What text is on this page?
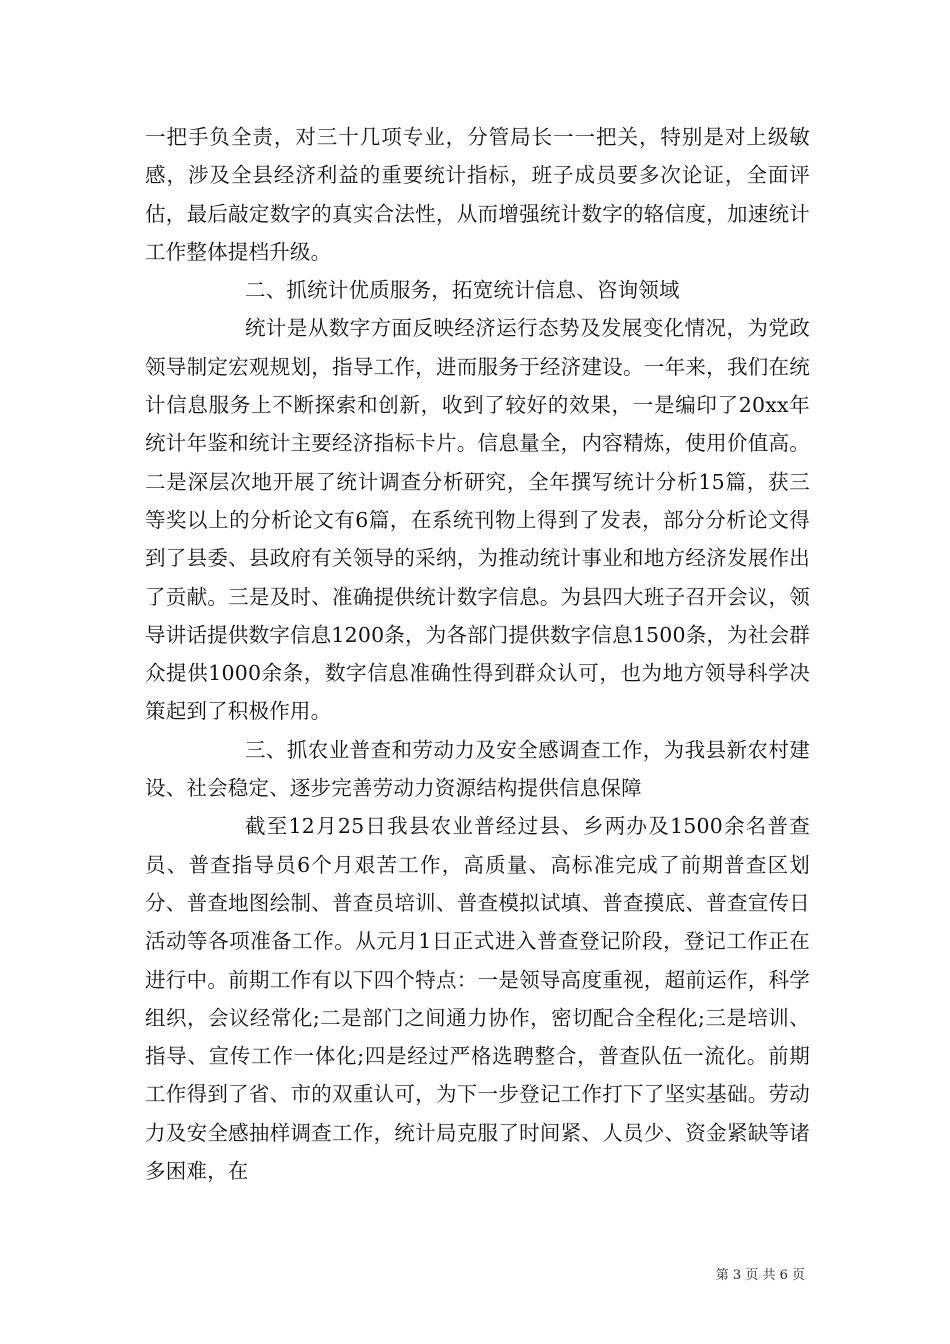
一把手负全责，对三十几项专业，分管局长一一把关，特别是对上级敏感，涉及全县经济利益的重要统计指标，班子成员要多次论证，全面评估，最后敲定数字的真实合法性，从而增强统计数字的辂信度，加速统计工作整体提档升级。

二、抓统计优质服务，拓宽统计信息、咨询领域

统计是从数字方面反映经济运行态势及发展变化情况，为党政领导制定宏观规划，指导工作，进而服务于经济建设。一年来，我们在统计信息服务上不断探索和创新，收到了较好的效果，一是编印了20xx年统计年鉴和统计主要经济指标卡片。信息量全，内容精炼，使用价值高。二是深层次地开展了统计调查分析研究，全年撰写统计分析15篇，获三等奖以上的分析论文有6篇，在系统刊物上得到了发表，部分分析论文得到了县委、县政府有关领导的采纳，为推动统计事业和地方经济发展作出了贡献。三是及时、准确提供统计数字信息。为县四大班子召开会议，领导讲话提供数字信息1200条，为各部门提供数字信息1500条，为社会群众提供1000余条，数字信息准确性得到群众认可，也为地方领导科学决策起到了积极作用。

三、抓农业普查和劳动力及安全感调查工作，为我县新农村建设、社会稳定、逐步完善劳动力资源结构提供信息保障

截至12月25日我县农业普经过县、乡两办及1500余名普查员、普查指导员6个月艰苦工作，高质量、高标准完成了前期普查区划分、普查地图绘制、普查员培训、普查模拟试填、普查摸底、普查宣传日活动等各项准备工作。从元月1日正式进入普查登记阶段，登记工作正在进行中。前期工作有以下四个特点：一是领导高度重视，超前运作，科学组织，会议经常化;二是部门之间通力协作，密切配合全程化;三是培训、指导、宣传工作一体化;四是经过严格选聘整合，普查队伍一流化。前期工作得到了省、市的双重认可，为下一步登记工作打下了坚实基础。劳动力及安全感抽样调查工作，统计局克服了时间紧、人员少、资金紧缺等诸多困难，在

第 3 页 共 6 页
